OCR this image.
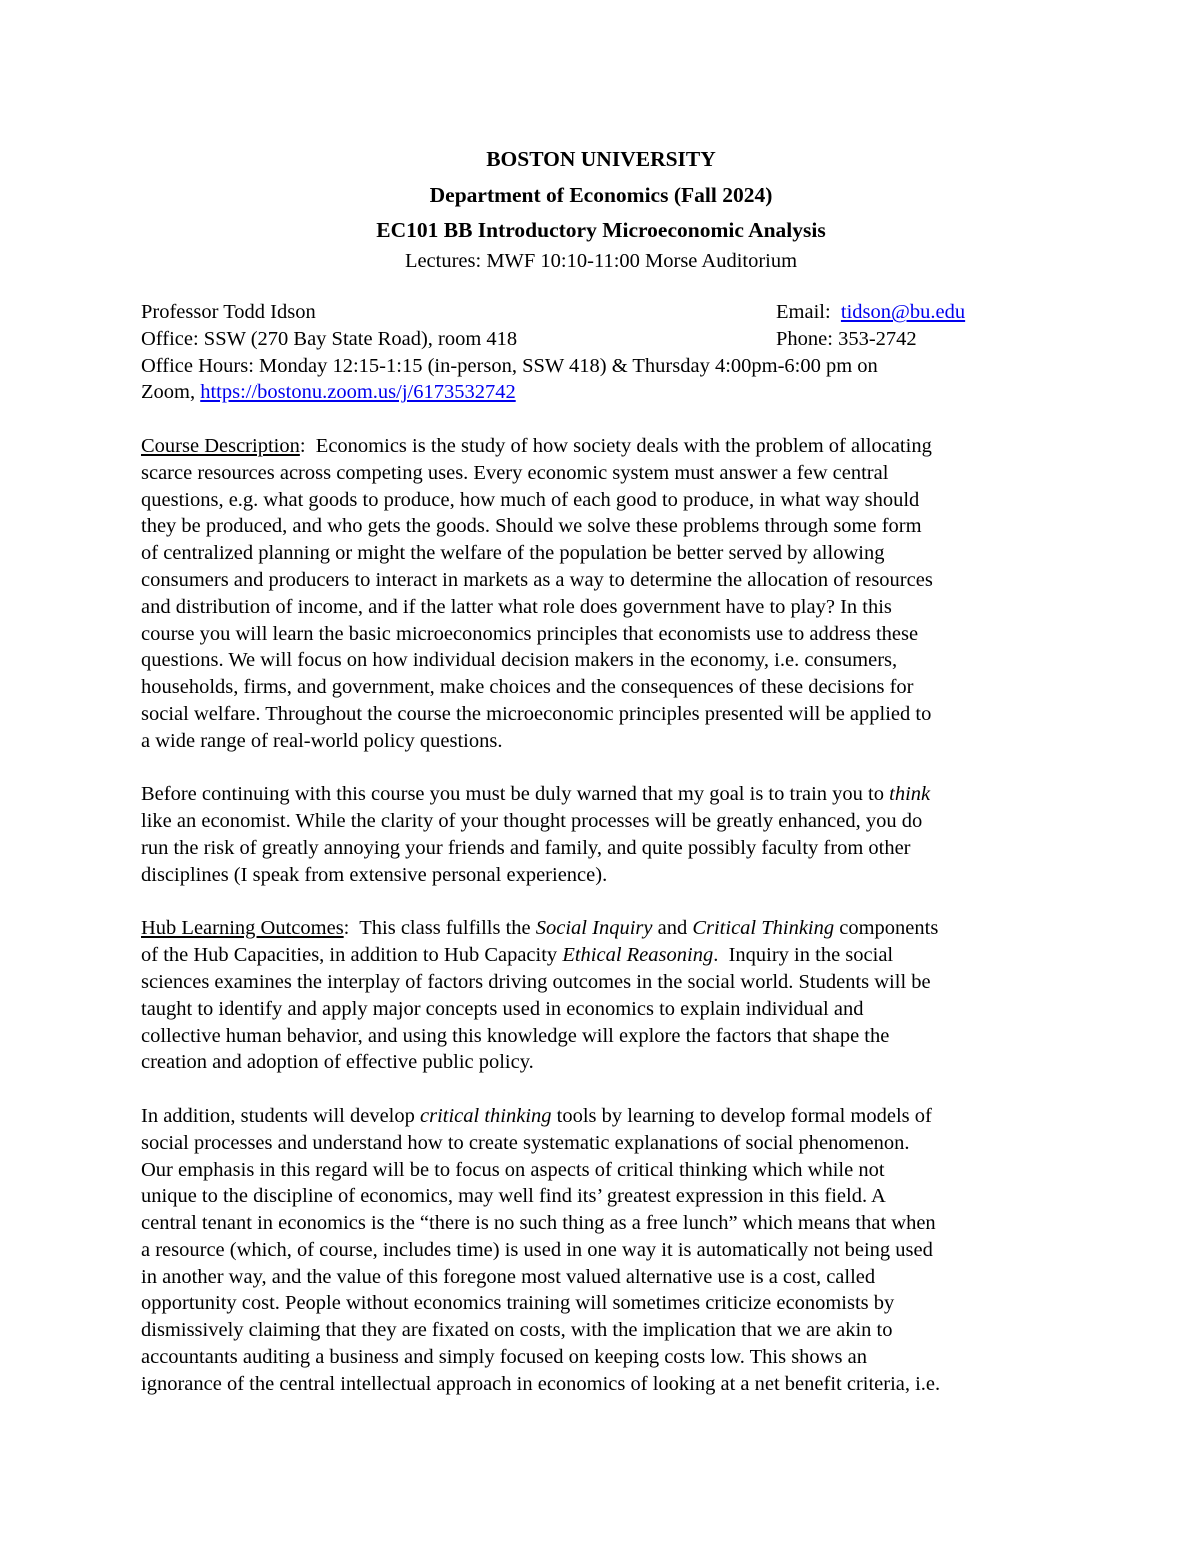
BOSTON UNIVERSITY
Department of Economics (Fall 2024)
EC101 BB Introductory Microeconomic Analysis
Lectures: MWF 10:10-11:00 Morse Auditorium
Professor Todd Idson	Email:  tidson@bu.edu
Office: SSW (270 Bay State Road), room 418	Phone: 353-2742
Office Hours: Monday 12:15-1:15 (in-person, SSW 418) & Thursday 4:00pm-6:00 pm on
Zoom, https://bostonu.zoom.us/j/6173532742
Course Description:  Economics is the study of how society deals with the problem of allocating
scarce resources across competing uses. Every economic system must answer a few central
questions, e.g. what goods to produce, how much of each good to produce, in what way should
they be produced, and who gets the goods. Should we solve these problems through some form
of centralized planning or might the welfare of the population be better served by allowing
consumers and producers to interact in markets as a way to determine the allocation of resources
and distribution of income, and if the latter what role does government have to play? In this
course you will learn the basic microeconomics principles that economists use to address these
questions. We will focus on how individual decision makers in the economy, i.e. consumers,
households, firms, and government, make choices and the consequences of these decisions for
social welfare. Throughout the course the microeconomic principles presented will be applied to
a wide range of real-world policy questions.
Before continuing with this course you must be duly warned that my goal is to train you to think
like an economist. While the clarity of your thought processes will be greatly enhanced, you do
run the risk of greatly annoying your friends and family, and quite possibly faculty from other
disciplines (I speak from extensive personal experience).
Hub Learning Outcomes:  This class fulfills the Social Inquiry and Critical Thinking components
of the Hub Capacities, in addition to Hub Capacity Ethical Reasoning.  Inquiry in the social
sciences examines the interplay of factors driving outcomes in the social world. Students will be
taught to identify and apply major concepts used in economics to explain individual and
collective human behavior, and using this knowledge will explore the factors that shape the
creation and adoption of effective public policy.
In addition, students will develop critical thinking tools by learning to develop formal models of
social processes and understand how to create systematic explanations of social phenomenon.
Our emphasis in this regard will be to focus on aspects of critical thinking which while not
unique to the discipline of economics, may well find its’ greatest expression in this field. A
central tenant in economics is the “there is no such thing as a free lunch” which means that when
a resource (which, of course, includes time) is used in one way it is automatically not being used
in another way, and the value of this foregone most valued alternative use is a cost, called
opportunity cost. People without economics training will sometimes criticize economists by
dismissively claiming that they are fixated on costs, with the implication that we are akin to
accountants auditing a business and simply focused on keeping costs low. This shows an
ignorance of the central intellectual approach in economics of looking at a net benefit criteria, i.e.
